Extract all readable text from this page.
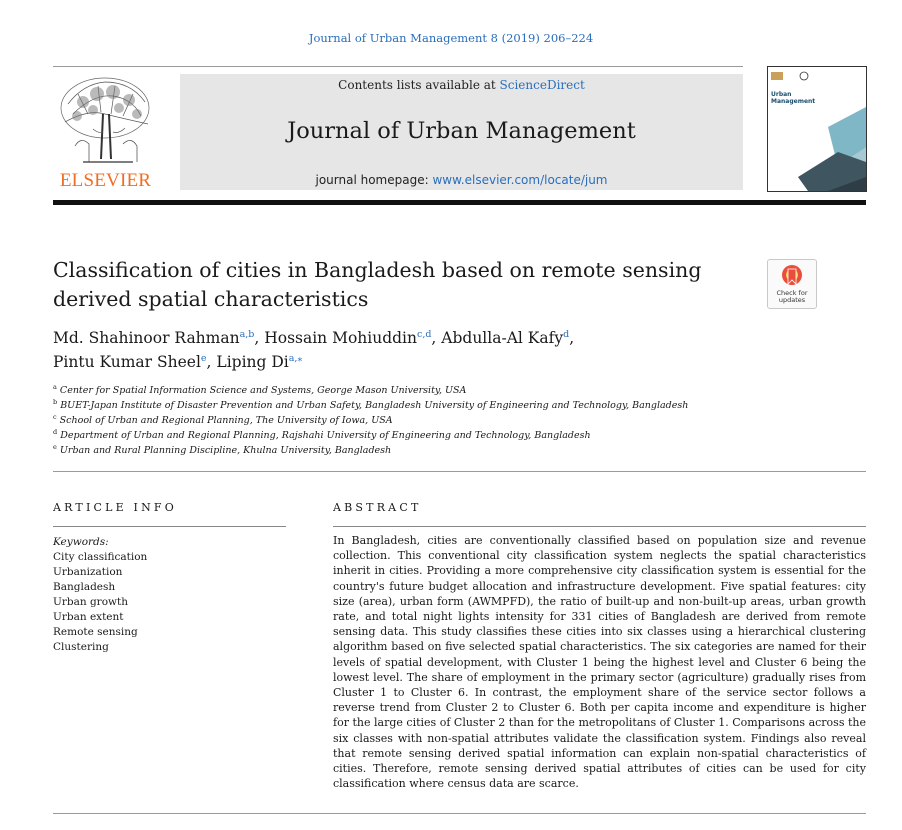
Journal of Urban Management 8 (2019) 206–224
ELSEVIER
Contents lists available at ScienceDirect
Journal of Urban Management
journal homepage: www.elsevier.com/locate/jum
Urban
Management
Classification of cities in Bangladesh based on remote sensing derived spatial characteristics	Check for
updates
Md. Shahinoor Rahman$^{a,b}$, Hossain Mohiuddin$^{c,d}$, Abdulla-Al Kafy$^d$,
Pintu Kumar Sheel$^e$, Liping $Di^{a,⁎}$
$^a$ Center for Spatial Information Science and Systems, George Mason University, USA
$^b$ BUET-Japan Institute of Disaster Prevention and Urban Safety, Bangladesh University of Engineering and Technology, Bangladesh
$^c$ School of Urban and Regional Planning, The University of Iowa, USA
$^d$ Department of Urban and Regional Planning, Rajshahi University of Engineering and Technology, Bangladesh
$^e$ Urban and Rural Planning Discipline, Khulna University, Bangladesh
ARTICLE INFO
Keywords:
City classification
Urbanization
Bangladesh
Urban growth
Urban extent
Remote sensing
Clustering
ABSTRACT
In Bangladesh, cities are conventionally classified based on population size and revenue collection. This conventional city classification system neglects the spatial characteristics inherit in cities. Providing a more comprehensive city classification system is essential for the country's future budget allocation and infrastructure development. Five spatial features: city size (area), urban form (AWMPFD), the ratio of built-up and non-built-up areas, urban growth rate, and total night lights intensity for 331 cities of Bangladesh are derived from remote sensing data. This study classifies these cities into six classes using a hierarchical clustering algorithm based on five selected spatial characteristics. The six categories are named for their levels of spatial development, with Cluster 1 being the highest level and Cluster 6 being the lowest level. The share of employment in the primary sector (agriculture) gradually rises from Cluster 1 to Cluster 6. In contrast, the employment share of the service sector follows a reverse trend from Cluster 2 to Cluster 6. Both per capita income and expenditure is higher for the large cities of Cluster 2 than for the metropolitans of Cluster 1. Comparisons across the six classes with non-spatial attributes validate the classification system. Findings also reveal that remote sensing derived spatial information can explain non-spatial characteristics of cities. Therefore, remote sensing derived spatial attributes of cities can be used for city classification where census data are scarce.
